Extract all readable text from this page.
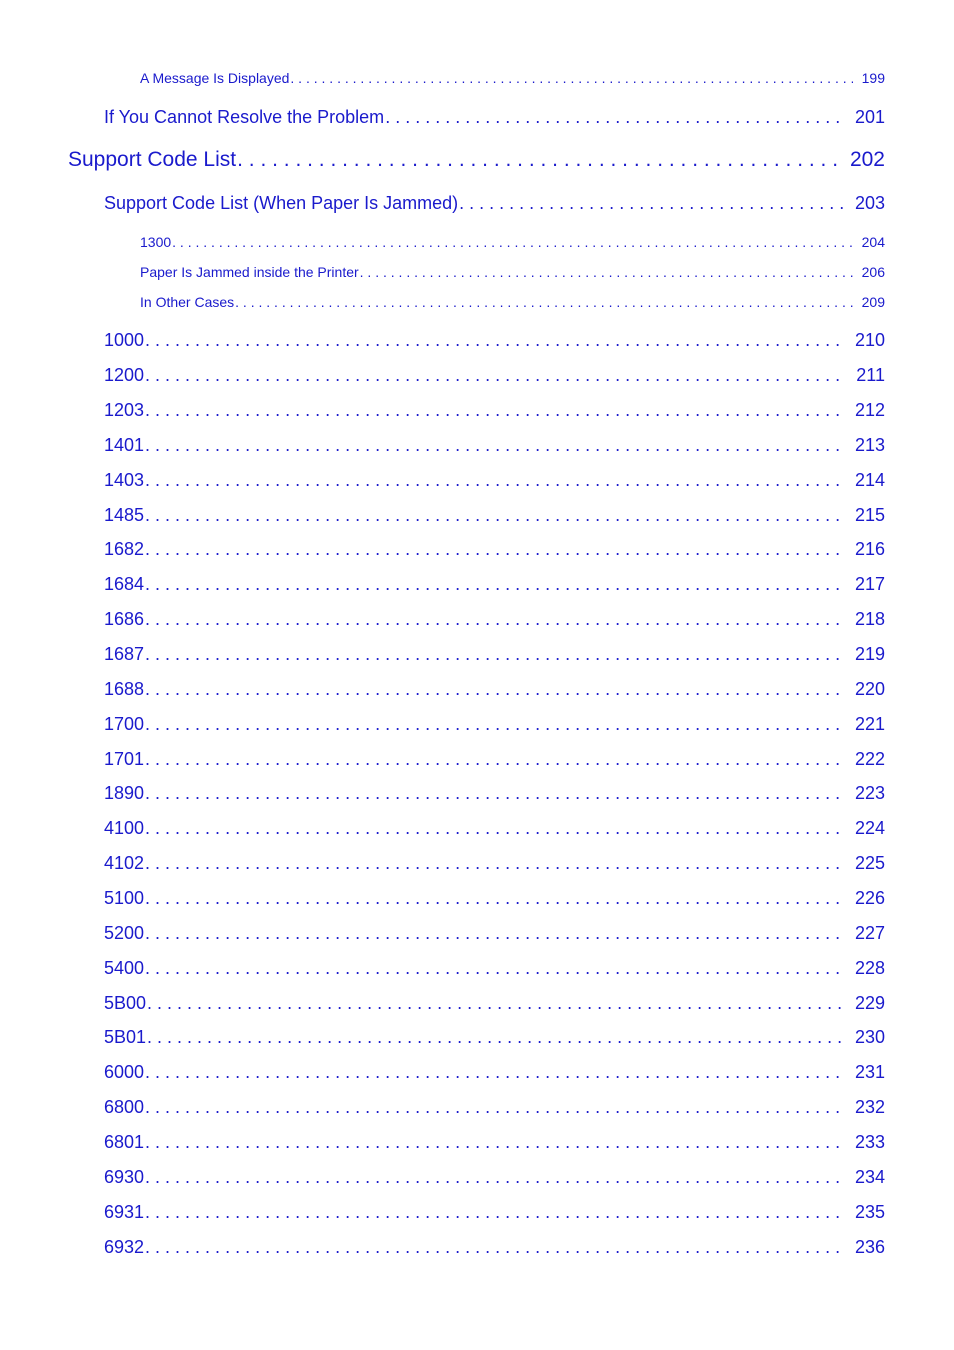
A Message Is Displayed . . .	199
If You Cannot Resolve the Problem . . .	201
Support Code List . . .	202
Support Code List (When Paper Is Jammed) . . .	203
1300 . . .	204
Paper Is Jammed inside the Printer . . .	206
In Other Cases . . .	209
1000 . . .	210
1200 . . .	211
1203 . . .	212
1401 . . .	213
1403 . . .	214
1485 . . .	215
1682 . . .	216
1684 . . .	217
1686 . . .	218
1687 . . .	219
1688 . . .	220
1700 . . .	221
1701 . . .	222
1890 . . .	223
4100 . . .	224
4102 . . .	225
5100 . . .	226
5200 . . .	227
5400 . . .	228
5B00 . . .	229
5B01 . . .	230
6000 . . .	231
6800 . . .	232
6801 . . .	233
6930 . . .	234
6931 . . .	235
6932 . . .	236
